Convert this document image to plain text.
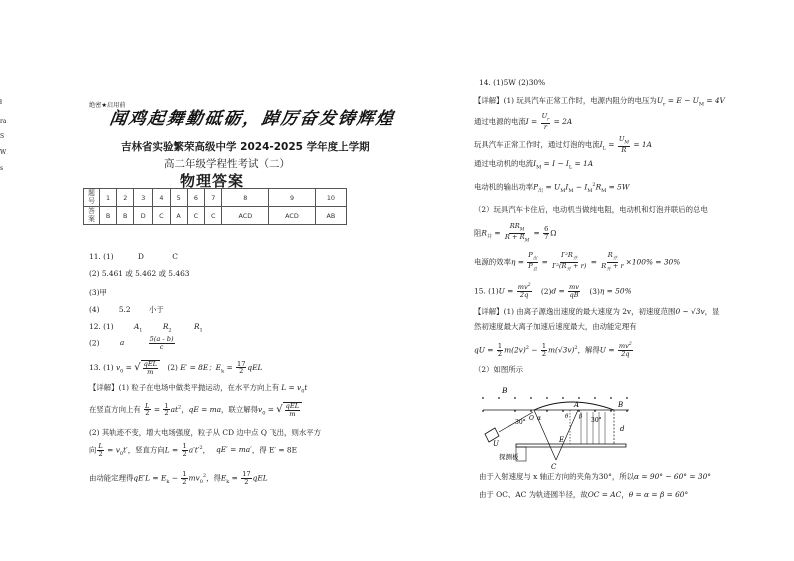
ł
ra
S
W
s
绝密★启用前
闻鸡起舞勤砥砺，踔厉奋发铸辉煌
吉林省实验繁荣高级中学 2024-2025 学年度上学期
高二年级学程性考试（二）
物理答案
题
号	1	2	3	4	5	6	7	8	9	10
答
案	B	B	D	C	A	C	C	ACD	ACD	AB
11. (1)	D	C
(2) 5.461 或 5.462 或 5.463
(3)甲
(4)	5.2 小于
12. (1)	$A_1$	$R_2$	$R_1$
(2)	a	$\frac{5(a - b)}{c}$
13. (1) $v_0$ = √ $\frac{\text{qEL}}{m} (2) E' = 8E$；$E_k = \frac{17}{2}$ qEL
【详解】(1) 粒子在电场中做类平抛运动，在水平方向上有 $L = v_0t$
在竖直方向上有 $\frac{L}{2} = \frac{1}{2} at^2$，qE = ma，联立解得$v_0$ = √ $\frac{\text{qEL}}{m}$
(2) 其轨迹不变，增大电场强度，粒子从 CD 边中点 Q 飞出，则水平方
向 $\frac{L}{2} = v_0t'$，竖直方向$L = \frac{1}{2} a't'^2$， qE′ = ma′，得 E′ = 8E
由动能定理得$qE'L = E_k - \frac{1}{2} mv_0^2$，得$E_k = \frac{17}{2}$ qEL
14. (1)5W (2)30%
【详解】(1) 玩具汽车正常工作时，电源内阻分的电压为$U_r = E - U_M = 4V$
通过电源的电流$I = \frac{U_r}{r} = 2A$
玩具汽车正常工作时，通过灯泡的电流$I_L = \frac{U_M}{R} = 1A$
通过电动机的电流$I_M = I - I_L = 1A$
电动机的输出功率$P_出 = U_MI_M - I_M^2R_M = 5W$
（2）玩具汽车卡住后，电动机当做纯电阻，电动机和灯泡并联后的总电
阻$R_并 = \frac{RR_M}{R + R_M} = \frac{6}{7}$ Ω
电源的效率$\eta = \frac{P_出}{P_总} = \frac{I'^2R_并}{I'^2(R_并 + r)} = \frac{R_并}{R_并 + r} \times 100\% = 30\%$
15. $(1)U = \frac{mv^2}{2q} (2)d = \frac{mv}{qB} (3)\eta = 50\%$
【详解】(1) 由离子源逸出速度的最大速度为 2v，初速度范围0 ~ √3v，显
然初速度最大离子加速后速度最大，由动能定理有
qU = $\frac{1}{2} m(2v)^2 - \frac{1}{2} m(√3v)^2$，解得$U = \frac{mv^2}{2q}$
（2）如图所示
B
U
30°
O α
A
θ β 30°
B
E
C
d
探测板
由于入射速度与 x 轴正方向的夹角为30°，所以α = 90° − 60° = 30°
由于 OC、AC 为轨迹圆半径，故OC = AC，θ = α = β = 60°
